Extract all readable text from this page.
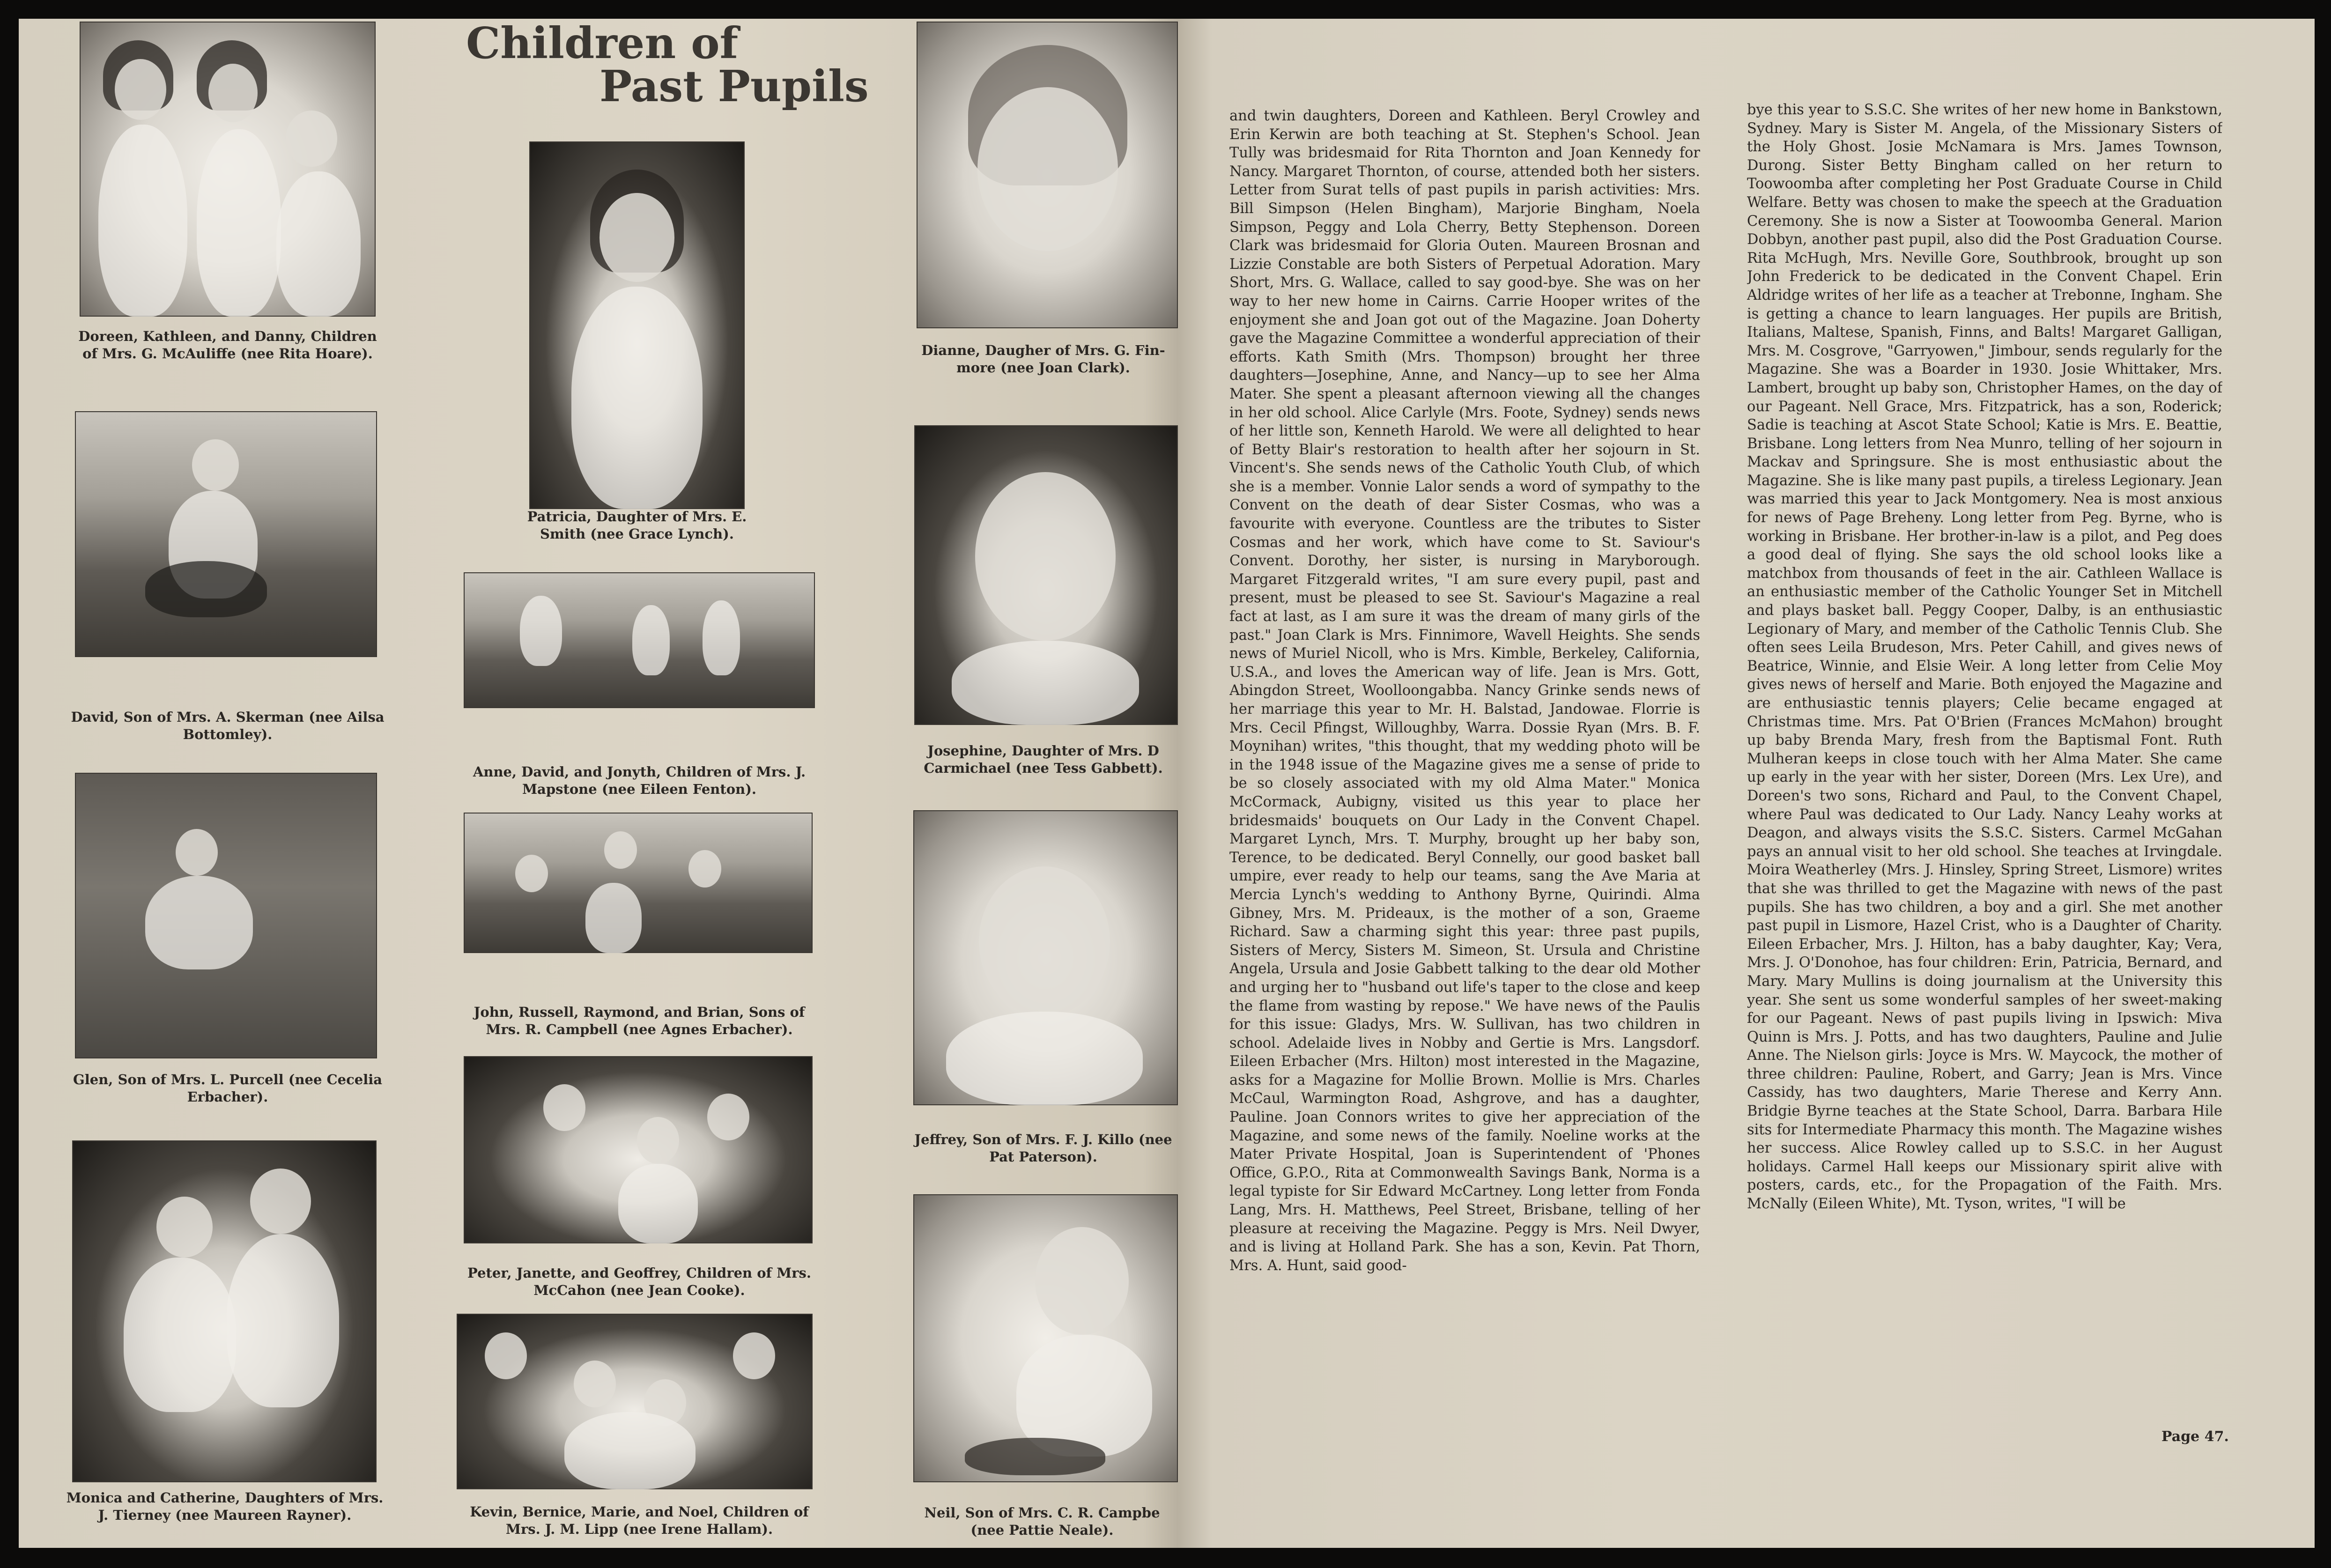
Children of
Past Pupils
Doreen, Kathleen, and Danny, Children of Mrs. G. McAuliffe (nee Rita Hoare).
David, Son of Mrs. A. Skerman (nee Ailsa Bottomley).
Glen, Son of Mrs. L. Purcell (nee Cecelia Erbacher).
Monica and Catherine, Daughters of Mrs. J. Tierney (nee Maureen Rayner).
Patricia, Daughter of Mrs. E. Smith (nee Grace Lynch).
Anne, David, and Jonyth, Children of Mrs. J. Mapstone (nee Eileen Fenton).
John, Russell, Raymond, and Brian, Sons of Mrs. R. Campbell (nee Agnes Erbacher).
Peter, Janette, and Geoffrey, Children of Mrs. McCahon (nee Jean Cooke).
Kevin, Bernice, Marie, and Noel, Children of Mrs. J. M. Lipp (nee Irene Hallam).
Dianne, Daugher of Mrs. G. Fin- more (nee Joan Clark).
Josephine, Daughter of Mrs. D Carmichael (nee Tess Gabbett).
Jeffrey, Son of Mrs. F. J. Killo (nee Pat Paterson).
Neil, Son of Mrs. C. R. Campbe (nee Pattie Neale).
and twin daughters, Doreen and Kathleen. Beryl Crowley and Erin Kerwin are both teaching at St. Stephen's School. Jean Tully was bridesmaid for Rita Thornton and Joan Kennedy for Nancy. Margaret Thornton, of course, attended both her sisters. Letter from Surat tells of past pupils in parish activities: Mrs. Bill Simpson (Helen Bingham), Marjorie Bingham, Noela Simpson, Peggy and Lola Cherry, Betty Stephenson. Doreen Clark was bridesmaid for Gloria Outen. Maureen Brosnan and Lizzie Constable are both Sisters of Perpetual Adoration. Mary Short, Mrs. G. Wallace, called to say good-bye. She was on her way to her new home in Cairns. Carrie Hooper writes of the enjoyment she and Joan got out of the Magazine. Joan Doherty gave the Magazine Committee a wonderful appreciation of their efforts. Kath Smith (Mrs. Thompson) brought her three daughters—Josephine, Anne, and Nancy—up to see her Alma Mater. She spent a pleasant afternoon viewing all the changes in her old school. Alice Carlyle (Mrs. Foote, Sydney) sends news of her little son, Kenneth Harold. We were all delighted to hear of Betty Blair's restoration to health after her sojourn in St. Vincent's. She sends news of the Catholic Youth Club, of which she is a member. Vonnie Lalor sends a word of sympathy to the Convent on the death of dear Sister Cosmas, who was a favourite with everyone. Countless are the tributes to Sister Cosmas and her work, which have come to St. Saviour's Convent. Dorothy, her sister, is nursing in Maryborough. Margaret Fitzgerald writes, "I am sure every pupil, past and present, must be pleased to see St. Saviour's Magazine a real fact at last, as I am sure it was the dream of many girls of the past." Joan Clark is Mrs. Finnimore, Wavell Heights. She sends news of Muriel Nicoll, who is Mrs. Kimble, Berkeley, California, U.S.A., and loves the American way of life. Jean is Mrs. Gott, Abingdon Street, Woolloongabba. Nancy Grinke sends news of her marriage this year to Mr. H. Balstad, Jandowae. Florrie is Mrs. Cecil Pfingst, Willoughby, Warra. Dossie Ryan (Mrs. B. F. Moynihan) writes, "this thought, that my wedding photo will be in the 1948 issue of the Magazine gives me a sense of pride to be so closely associated with my old Alma Mater." Monica McCormack, Aubigny, visited us this year to place her bridesmaids' bouquets on Our Lady in the Convent Chapel. Margaret Lynch, Mrs. T. Murphy, brought up her baby son, Terence, to be dedicated. Beryl Connelly, our good basket ball umpire, ever ready to help our teams, sang the Ave Maria at Mercia Lynch's wedding to Anthony Byrne, Quirindi. Alma Gibney, Mrs. M. Prideaux, is the mother of a son, Graeme Richard. Saw a charming sight this year: three past pupils, Sisters of Mercy, Sisters M. Simeon, St. Ursula and Christine Angela, Ursula and Josie Gabbett talking to the dear old Mother and urging her to "husband out life's taper to the close and keep the flame from wasting by repose." We have news of the Paulis for this issue: Gladys, Mrs. W. Sullivan, has two children in school. Adelaide lives in Nobby and Gertie is Mrs. Langsdorf. Eileen Erbacher (Mrs. Hilton) most interested in the Magazine, asks for a Magazine for Mollie Brown. Mollie is Mrs. Charles McCaul, Warmington Road, Ashgrove, and has a daughter, Pauline. Joan Connors writes to give her appreciation of the Magazine, and some news of the family. Noeline works at the Mater Private Hospital, Joan is Superintendent of 'Phones Office, G.P.O., Rita at Commonwealth Savings Bank, Norma is a legal typiste for Sir Edward McCartney. Long letter from Fonda Lang, Mrs. H. Matthews, Peel Street, Brisbane, telling of her pleasure at receiving the Magazine. Peggy is Mrs. Neil Dwyer, and is living at Holland Park. She has a son, Kevin. Pat Thorn, Mrs. A. Hunt, said good-
bye this year to S.S.C. She writes of her new home in Bankstown, Sydney. Mary is Sister M. Angela, of the Missionary Sisters of the Holy Ghost. Josie McNamara is Mrs. James Townson, Durong. Sister Betty Bingham called on her return to Toowoomba after completing her Post Graduate Course in Child Welfare. Betty was chosen to make the speech at the Graduation Ceremony. She is now a Sister at Toowoomba General. Marion Dobbyn, another past pupil, also did the Post Graduation Course. Rita McHugh, Mrs. Neville Gore, Southbrook, brought up son John Frederick to be dedicated in the Convent Chapel. Erin Aldridge writes of her life as a teacher at Trebonne, Ingham. She is getting a chance to learn languages. Her pupils are British, Italians, Maltese, Spanish, Finns, and Balts! Margaret Galligan, Mrs. M. Cosgrove, "Garryowen," Jimbour, sends regularly for the Magazine. She was a Boarder in 1930. Josie Whittaker, Mrs. Lambert, brought up baby son, Christopher Hames, on the day of our Pageant. Nell Grace, Mrs. Fitzpatrick, has a son, Roderick; Sadie is teaching at Ascot State School; Katie is Mrs. E. Beattie, Brisbane. Long letters from Nea Munro, telling of her sojourn in Mackav and Springsure. She is most enthusiastic about the Magazine. She is like many past pupils, a tireless Legionary. Jean was married this year to Jack Montgomery. Nea is most anxious for news of Page Breheny. Long letter from Peg. Byrne, who is working in Brisbane. Her brother-in-law is a pilot, and Peg does a good deal of flying. She says the old school looks like a matchbox from thousands of feet in the air. Cathleen Wallace is an enthusiastic member of the Catholic Younger Set in Mitchell and plays basket ball. Peggy Cooper, Dalby, is an enthusiastic Legionary of Mary, and member of the Catholic Tennis Club. She often sees Leila Brudeson, Mrs. Peter Cahill, and gives news of Beatrice, Winnie, and Elsie Weir. A long letter from Celie Moy gives news of herself and Marie. Both enjoyed the Magazine and are enthusiastic tennis players; Celie became engaged at Christmas time. Mrs. Pat O'Brien (Frances McMahon) brought up baby Brenda Mary, fresh from the Baptismal Font. Ruth Mulheran keeps in close touch with her Alma Mater. She came up early in the year with her sister, Doreen (Mrs. Lex Ure), and Doreen's two sons, Richard and Paul, to the Convent Chapel, where Paul was dedicated to Our Lady. Nancy Leahy works at Deagon, and always visits the S.S.C. Sisters. Carmel McGahan pays an annual visit to her old school. She teaches at Irvingdale. Moira Weatherley (Mrs. J. Hinsley, Spring Street, Lismore) writes that she was thrilled to get the Magazine with news of the past pupils. She has two children, a boy and a girl. She met another past pupil in Lismore, Hazel Crist, who is a Daughter of Charity. Eileen Erbacher, Mrs. J. Hilton, has a baby daughter, Kay; Vera, Mrs. J. O'Donohoe, has four children: Erin, Patricia, Bernard, and Mary. Mary Mullins is doing journalism at the University this year. She sent us some wonderful samples of her sweet-making for our Pageant. News of past pupils living in Ipswich: Miva Quinn is Mrs. J. Potts, and has two daughters, Pauline and Julie Anne. The Nielson girls: Joyce is Mrs. W. Maycock, the mother of three children: Pauline, Robert, and Garry; Jean is Mrs. Vince Cassidy, has two daughters, Marie Therese and Kerry Ann. Bridgie Byrne teaches at the State School, Darra. Barbara Hile sits for Intermediate Pharmacy this month. The Magazine wishes her success. Alice Rowley called up to S.S.C. in her August holidays. Carmel Hall keeps our Missionary spirit alive with posters, cards, etc., for the Propagation of the Faith. Mrs. McNally (Eileen White), Mt. Tyson, writes, "I will be
Page 47.
